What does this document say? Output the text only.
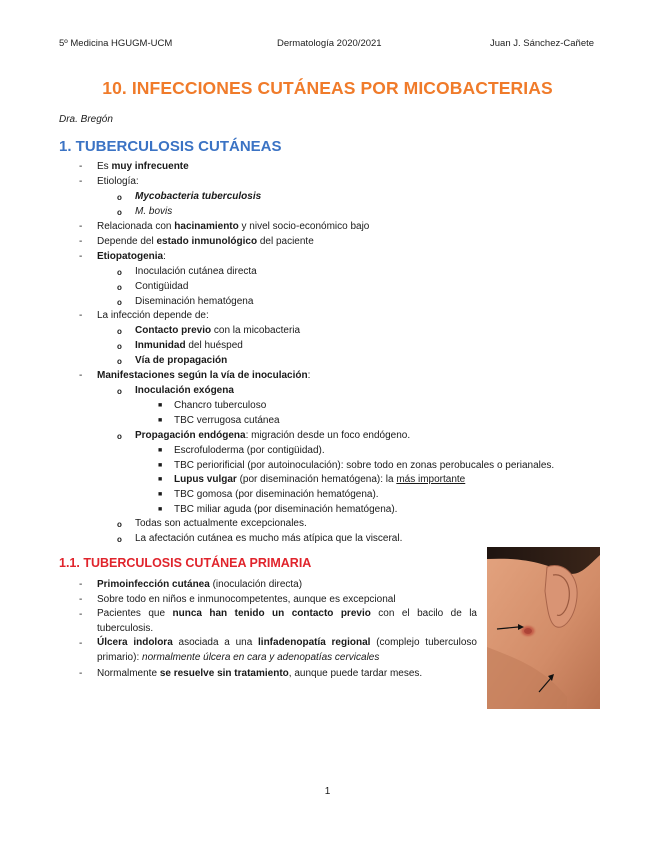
5º Medicina HGUGM-UCM	Dermatología 2020/2021	Juan J. Sánchez-Cañete
10. INFECCIONES CUTÁNEAS POR MICOBACTERIAS
Dra. Bregón
1. TUBERCULOSIS CUTÁNEAS
- Es muy infrecuente
- Etiología:
o Mycobacteria tuberculosis
o M. bovis
- Relacionada con hacinamiento y nivel socio-económico bajo
- Depende del estado inmunológico del paciente
- Etiopatogenia:
o Inoculación cutánea directa
o Contigüidad
o Diseminación hematógena
- La infección depende de:
o Contacto previo con la micobacteria
o Inmunidad del huésped
o Vía de propagación
- Manifestaciones según la vía de inoculación:
o Inoculación exógena
■ Chancro tuberculoso
■ TBC verrugosa cutánea
o Propagación endógena: migración desde un foco endógeno.
■ Escrofuloderma (por contigüidad).
■ TBC periorificial (por autoinoculación): sobre todo en zonas perobucales o perianales.
■ Lupus vulgar (por diseminación hematógena): la más importante
■ TBC gomosa (por diseminación hematógena).
■ TBC miliar aguda (por diseminación hematógena).
o Todas son actualmente excepcionales.
o La afectación cutánea es mucho más atípica que la visceral.
1.1. TUBERCULOSIS CUTÁNEA PRIMARIA
- Primoinfección cutánea (inoculación directa)
- Sobre todo en niños e inmunocompetentes, aunque es excepcional
- Pacientes que nunca han tenido un contacto previo con el bacilo de la tuberculosis.
- Úlcera indolora asociada a una linfadenopatía regional (complejo tuberculoso primario): normalmente úlcera en cara y adenopatías cervicales
- Normalmente se resuelve sin tratamiento, aunque puede tardar meses.
1
